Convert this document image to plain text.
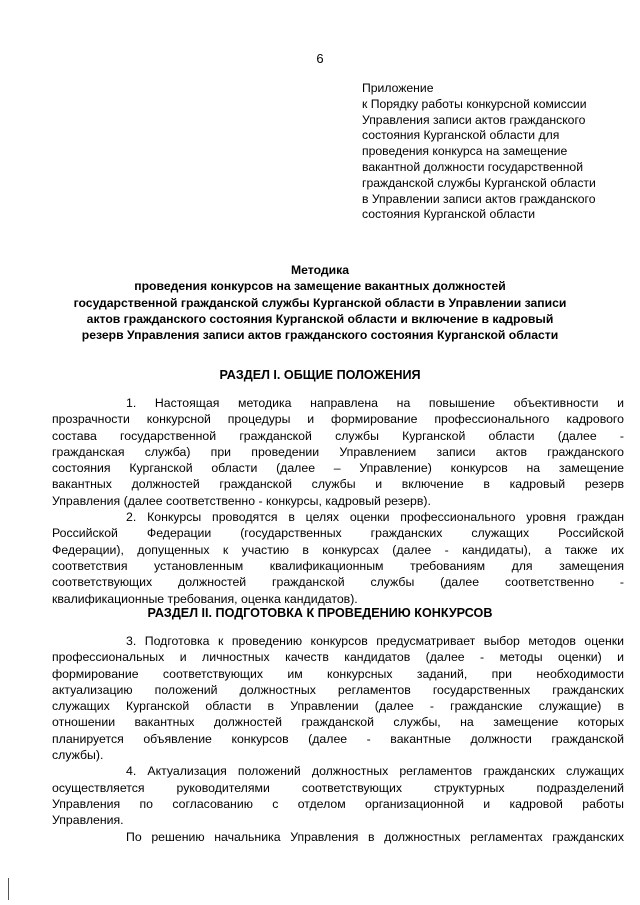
6
Приложение
к Порядку работы конкурсной комиссии
Управления записи актов гражданского
состояния Курганской области для
проведения конкурса на замещение
вакантной должности государственной
гражданской службы Курганской области
в Управлении записи актов гражданского
состояния Курганской области
Методика
проведения конкурсов на замещение вакантных должностей
государственной гражданской службы Курганской области в Управлении записи
актов гражданского состояния Курганской области и включение в кадровый
резерв Управления записи актов гражданского состояния Курганской области
РАЗДЕЛ I. ОБЩИЕ ПОЛОЖЕНИЯ
1. Настоящая методика направлена на повышение объективности и
прозрачности конкурсной процедуры и формирование профессионального кадрового
состава государственной гражданской службы Курганской области (далее -
гражданская служба) при проведении Управлением записи актов гражданского
состояния Курганской области (далее – Управление) конкурсов на замещение
вакантных должностей гражданской службы и включение в кадровый резерв
Управления (далее соответственно - конкурсы, кадровый резерв).
2. Конкурсы проводятся в целях оценки профессионального уровня граждан
Российской Федерации (государственных гражданских служащих Российской
Федерации), допущенных к участию в конкурсах (далее - кандидаты), а также их
соответствия установленным квалификационным требованиям для замещения
соответствующих должностей гражданской службы (далее соответственно -
квалификационные требования, оценка кандидатов).
РАЗДЕЛ II. ПОДГОТОВКА К ПРОВЕДЕНИЮ КОНКУРСОВ
3. Подготовка к проведению конкурсов предусматривает выбор методов оценки
профессиональных и личностных качеств кандидатов (далее - методы оценки) и
формирование соответствующих им конкурсных заданий, при необходимости
актуализацию положений должностных регламентов государственных гражданских
служащих Курганской области в Управлении (далее - гражданские служащие) в
отношении вакантных должностей гражданской службы, на замещение которых
планируется объявление конкурсов (далее - вакантные должности гражданской
службы).
4. Актуализация положений должностных регламентов гражданских служащих
осуществляется руководителями соответствующих структурных подразделений
Управления по согласованию с отделом организационной и кадровой работы
Управления.
По решению начальника Управления в должностных регламентах гражданских
